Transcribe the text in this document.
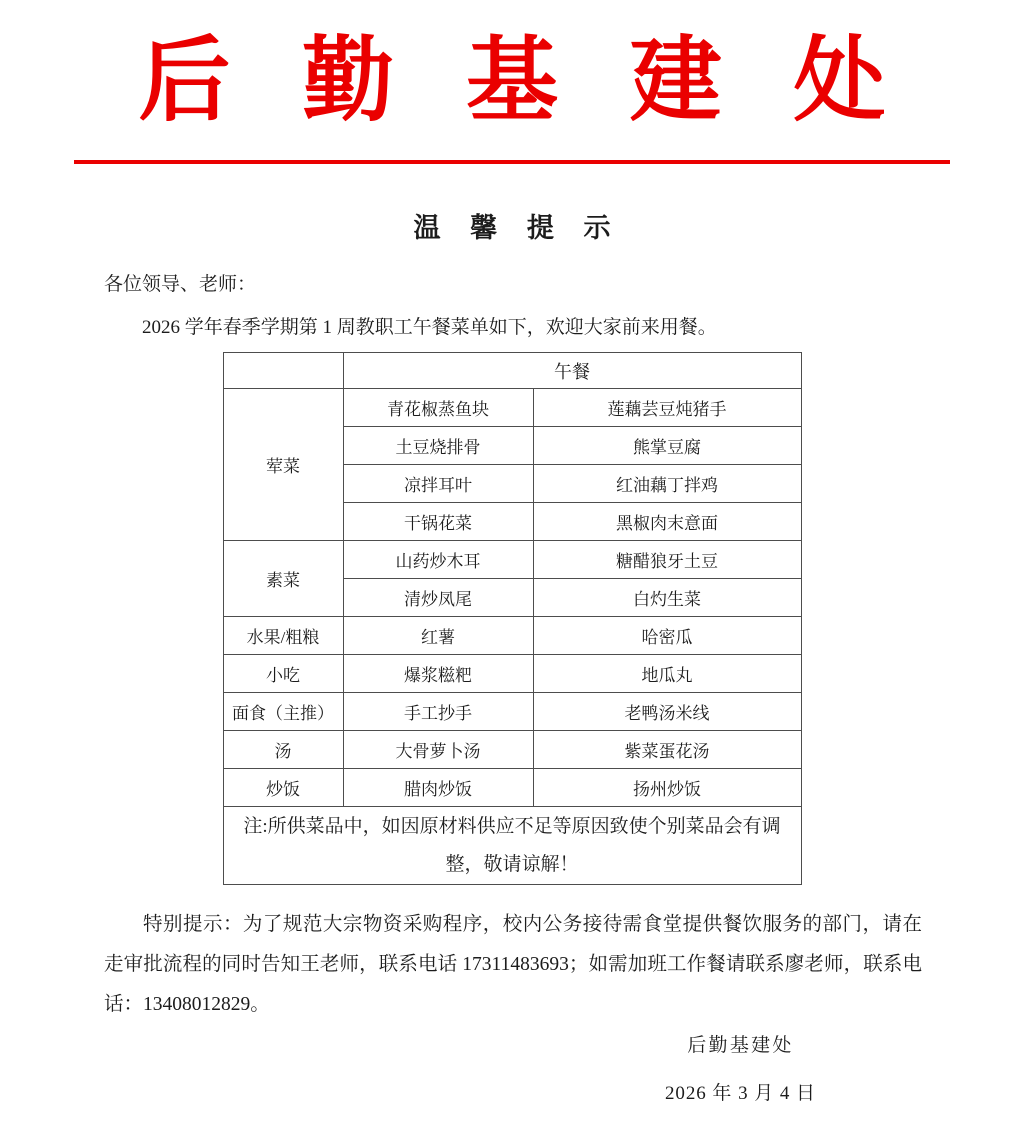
后勤基建处
温馨提示
各位领导、老师：
2026 学年春季学期第 1 周教职工午餐菜单如下，欢迎大家前来用餐。
	午餐	
荤菜	青花椒蒸鱼块	莲藕芸豆炖猪手
	土豆烧排骨	熊掌豆腐
	凉拌耳叶	红油藕丁拌鸡
	干锅花菜	黑椒肉末意面
素菜	山药炒木耳	糖醋狼牙土豆
	清炒凤尾	白灼生菜
水果/粗粮	红薯	哈密瓜
小吃	爆浆糍粑	地瓜丸
面食（主推）	手工抄手	老鸭汤米线
汤	大骨萝卜汤	紫菜蛋花汤
炒饭	腊肉炒饭	扬州炒饭
注:所供菜品中，如因原材料供应不足等原因致使个别菜品会有调整，敬请谅解！		
特别提示：为了规范大宗物资采购程序，校内公务接待需食堂提供餐饮服务的部门，请在走审批流程的同时告知王老师，联系电话 17311483693；如需加班工作餐请联系廖老师，联系电话：13408012829。
后勤基建处
2026 年 3 月 4 日
